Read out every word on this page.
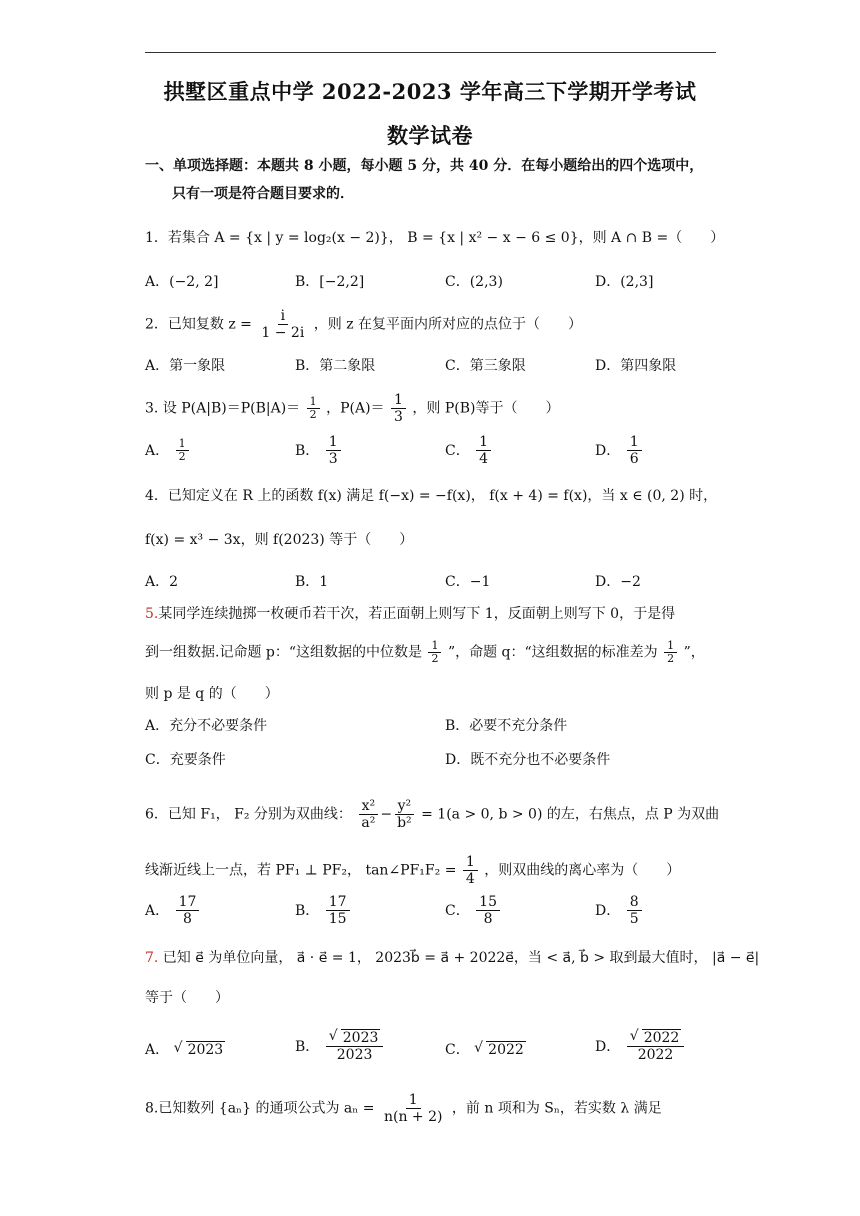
拱墅区重点中学 2022-2023 学年高三下学期开学考试
数学试卷
一、单项选择题：本题共 8 小题，每小题 5 分，共 40 分．在每小题给出的四个选项中，
只有一项是符合题目要求的．
1．若集合 A = {x | y = log₂(x − 2)}， B = {x | x² − x − 6 ≤ 0}，则 A ∩ B =（　　）
A．(−2, 2]	B．[−2,2]	C．(2,3)	D．(2,3]
2．已知复数 $z = \frac{i}{1 - 2i}$ ，则 z 在复平面内所对应的点位于（　　）
A．第一象限	B．第二象限	C．第三象限	D．第四象限
3. 设 $P(A|B)=P(B|A)= \frac{1}{2}$ ，$P(A)= \frac{1}{3}$ ，则 P(B)等于（　　）
A． $\frac{1}{2}$	B． $\frac{1}{3}$	C． $\frac{1}{4}$	D． $\frac{1}{6}$
4．已知定义在 R 上的函数 f(x) 满足 f(−x) = −f(x)， f(x + 4) = f(x)，当 x ∈ (0, 2) 时，
f(x) = x³ − 3x，则 f(2023) 等于（　　）
A．2	B．1	C．−1	D．−2
5.某同学连续抛掷一枚硬币若干次，若正面朝上则写下 1，反面朝上则写下 0，于是得
到一组数据.记命题 p：“这组数据的中位数是 $\frac{1}{2}$ ”，命题 q：“这组数据的标准差为 $\frac{1}{2}$ ”，
则 p 是 q 的（　　）
A．充分不必要条件	B．必要不充分条件
C．充要条件	D．既不充分也不必要条件
6．已知 F₁， F₂ 分别为双曲线： $\frac{\text{x²}}{\text{a²}} - \frac{\text{y²}}{\text{b²}} = 1(a > 0$, b > 0) 的左，右焦点，点 P 为双曲
线渐近线上一点，若 PF₁ ⊥ PF₂， tan∠PF₁F₂ = $\frac{1}{4}$ ，则双曲线的离心率为（　　）
A． $\frac{17}{8}$	B． $\frac{17}{15}$	C． $\frac{15}{8}$	D． $\frac{8}{5}$
7. 已知 e⃗ 为单位向量， a⃗ · e⃗ = 1， 2023b⃗ = a⃗ + 2022e⃗，当 < a⃗, b⃗ > 取到最大值时， |a⃗ − e⃗|
等于（　　）
A． √ 2023	B． √ $\frac{2023}{2023}$	C． √ 2022	D． √ $\frac{2022}{2022}$
8.已知数列 {aₙ} 的通项公式为 $a_n = \frac{1}{n(n + 2)}$ ，前 n 项和为 Sₙ，若实数 λ 满足
